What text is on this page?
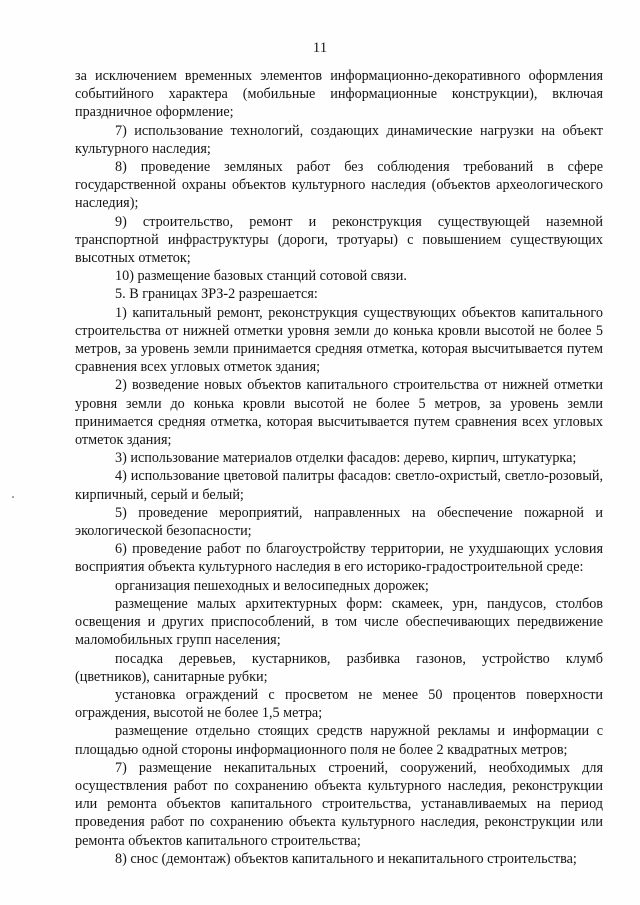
11

за исключением временных элементов информационно-декоративного оформления событийного характера (мобильные информационные конструкции), включая праздничное оформление;

7) использование технологий, создающих динамические нагрузки на объект культурного наследия;

8) проведение земляных работ без соблюдения требований в сфере государственной охраны объектов культурного наследия (объектов археологического наследия);

9) строительство, ремонт и реконструкция существующей наземной транспортной инфраструктуры (дороги, тротуары) с повышением существующих высотных отметок;

10) размещение базовых станций сотовой связи.

5. В границах ЗРЗ-2 разрешается:

1) капитальный ремонт, реконструкция существующих объектов капитального строительства от нижней отметки уровня земли до конька кровли высотой не более 5 метров, за уровень земли принимается средняя отметка, которая высчитывается путем сравнения всех угловых отметок здания;

2) возведение новых объектов капитального строительства от нижней отметки уровня земли до конька кровли высотой не более 5 метров, за уровень земли принимается средняя отметка, которая высчитывается путем сравнения всех угловых отметок здания;

3) использование материалов отделки фасадов: дерево, кирпич, штукатурка;

4) использование цветовой палитры фасадов: светло-охристый, светло-розовый, кирпичный, серый и белый;

5) проведение мероприятий, направленных на обеспечение пожарной и экологической безопасности;

6) проведение работ по благоустройству территории, не ухудшающих условия восприятия объекта культурного наследия в его историко-градостроительной среде:

организация пешеходных и велосипедных дорожек;

размещение малых архитектурных форм: скамеек, урн, пандусов, столбов освещения и других приспособлений, в том числе обеспечивающих передвижение маломобильных групп населения;

посадка деревьев, кустарников, разбивка газонов, устройство клумб (цветников), санитарные рубки;

установка ограждений с просветом не менее 50 процентов поверхности ограждения, высотой не более 1,5 метра;

размещение отдельно стоящих средств наружной рекламы и информации с площадью одной стороны информационного поля не более 2 квадратных метров;

7) размещение некапитальных строений, сооружений, необходимых для осуществления работ по сохранению объекта культурного наследия, реконструкции или ремонта объектов капитального строительства, устанавливаемых на период проведения работ по сохранению объекта культурного наследия, реконструкции или ремонта объектов капитального строительства;

8) снос (демонтаж) объектов капитального и некапитального строительства;
